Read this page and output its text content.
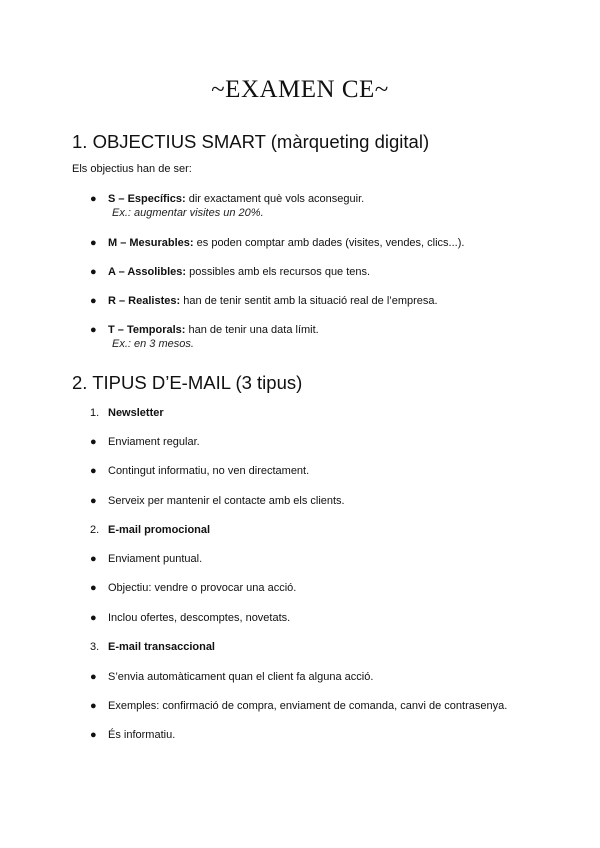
~EXAMEN CE~
1. OBJECTIUS SMART (màrqueting digital)

Els objectius han de ser:

●	S – Específics: dir exactament què vols aconseguir.
Ex.: augmentar visites un 20%.
●	M – Mesurables: es poden comptar amb dades (visites, vendes, clics...).
●	A – Assolibles: possibles amb els recursos que tens.
●	R – Realistes: han de tenir sentit amb la situació real de l’empresa.
●	T – Temporals: han de tenir una data límit.
Ex.: en 3 mesos.
2. TIPUS D’E-MAIL (3 tipus)
1. Newsletter
●	Enviament regular.
●	Contingut informatiu, no ven directament.
●	Serveix per mantenir el contacte amb els clients.
2. E-mail promocional
●	Enviament puntual.
●	Objectiu: vendre o provocar una acció.
●	Inclou ofertes, descomptes, novetats.
3. E-mail transaccional
●	S’envia automàticament quan el client fa alguna acció.
●	Exemples: confirmació de compra, enviament de comanda, canvi de contrasenya.
●	És informatiu.
